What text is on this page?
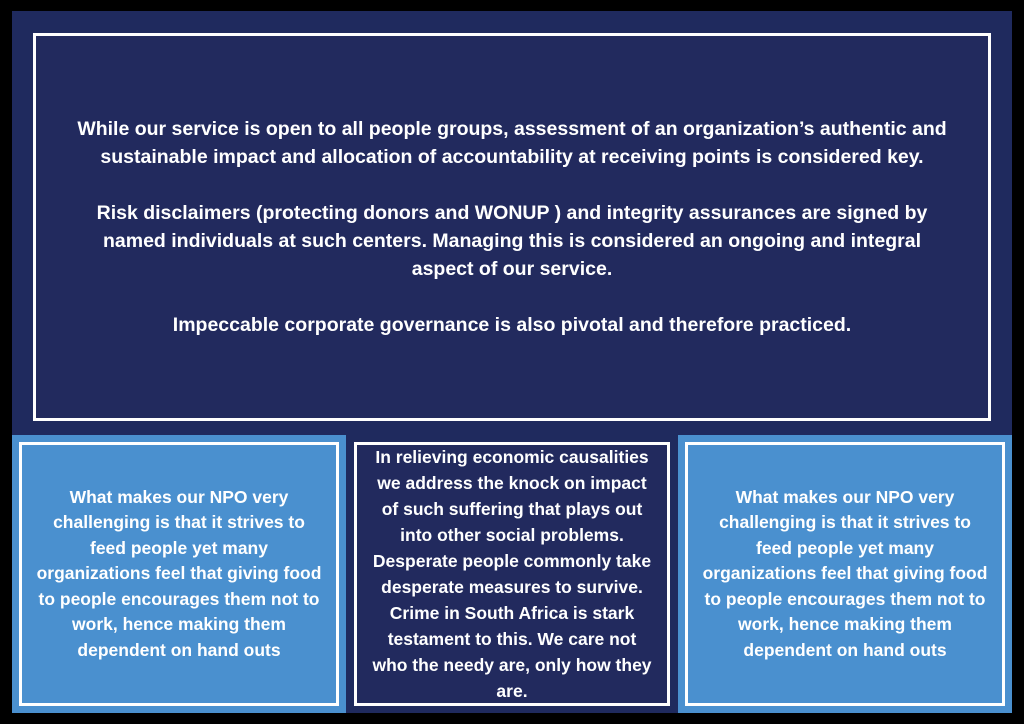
While our service is open to all people groups, assessment of an organization’s authentic and sustainable impact and allocation of accountability at receiving points is considered key.

Risk disclaimers (protecting donors and WONUP ) and integrity assurances are signed by named individuals at such centers. Managing this is considered an ongoing and integral aspect of our service.

Impeccable corporate governance is also pivotal and therefore practiced.

What makes our NPO very challenging is that it strives to feed people yet many organizations feel that giving food to people encourages them not to work, hence making them dependent on hand outs

In relieving economic causalities we address the knock on impact of such suffering that plays out into other social problems. Desperate people commonly take desperate measures to survive. Crime in South Africa is stark testament to this. We care not who the needy are, only how they are.

What makes our NPO very challenging is that it strives to feed people yet many organizations feel that giving food to people encourages them not to work, hence making them dependent on hand outs
